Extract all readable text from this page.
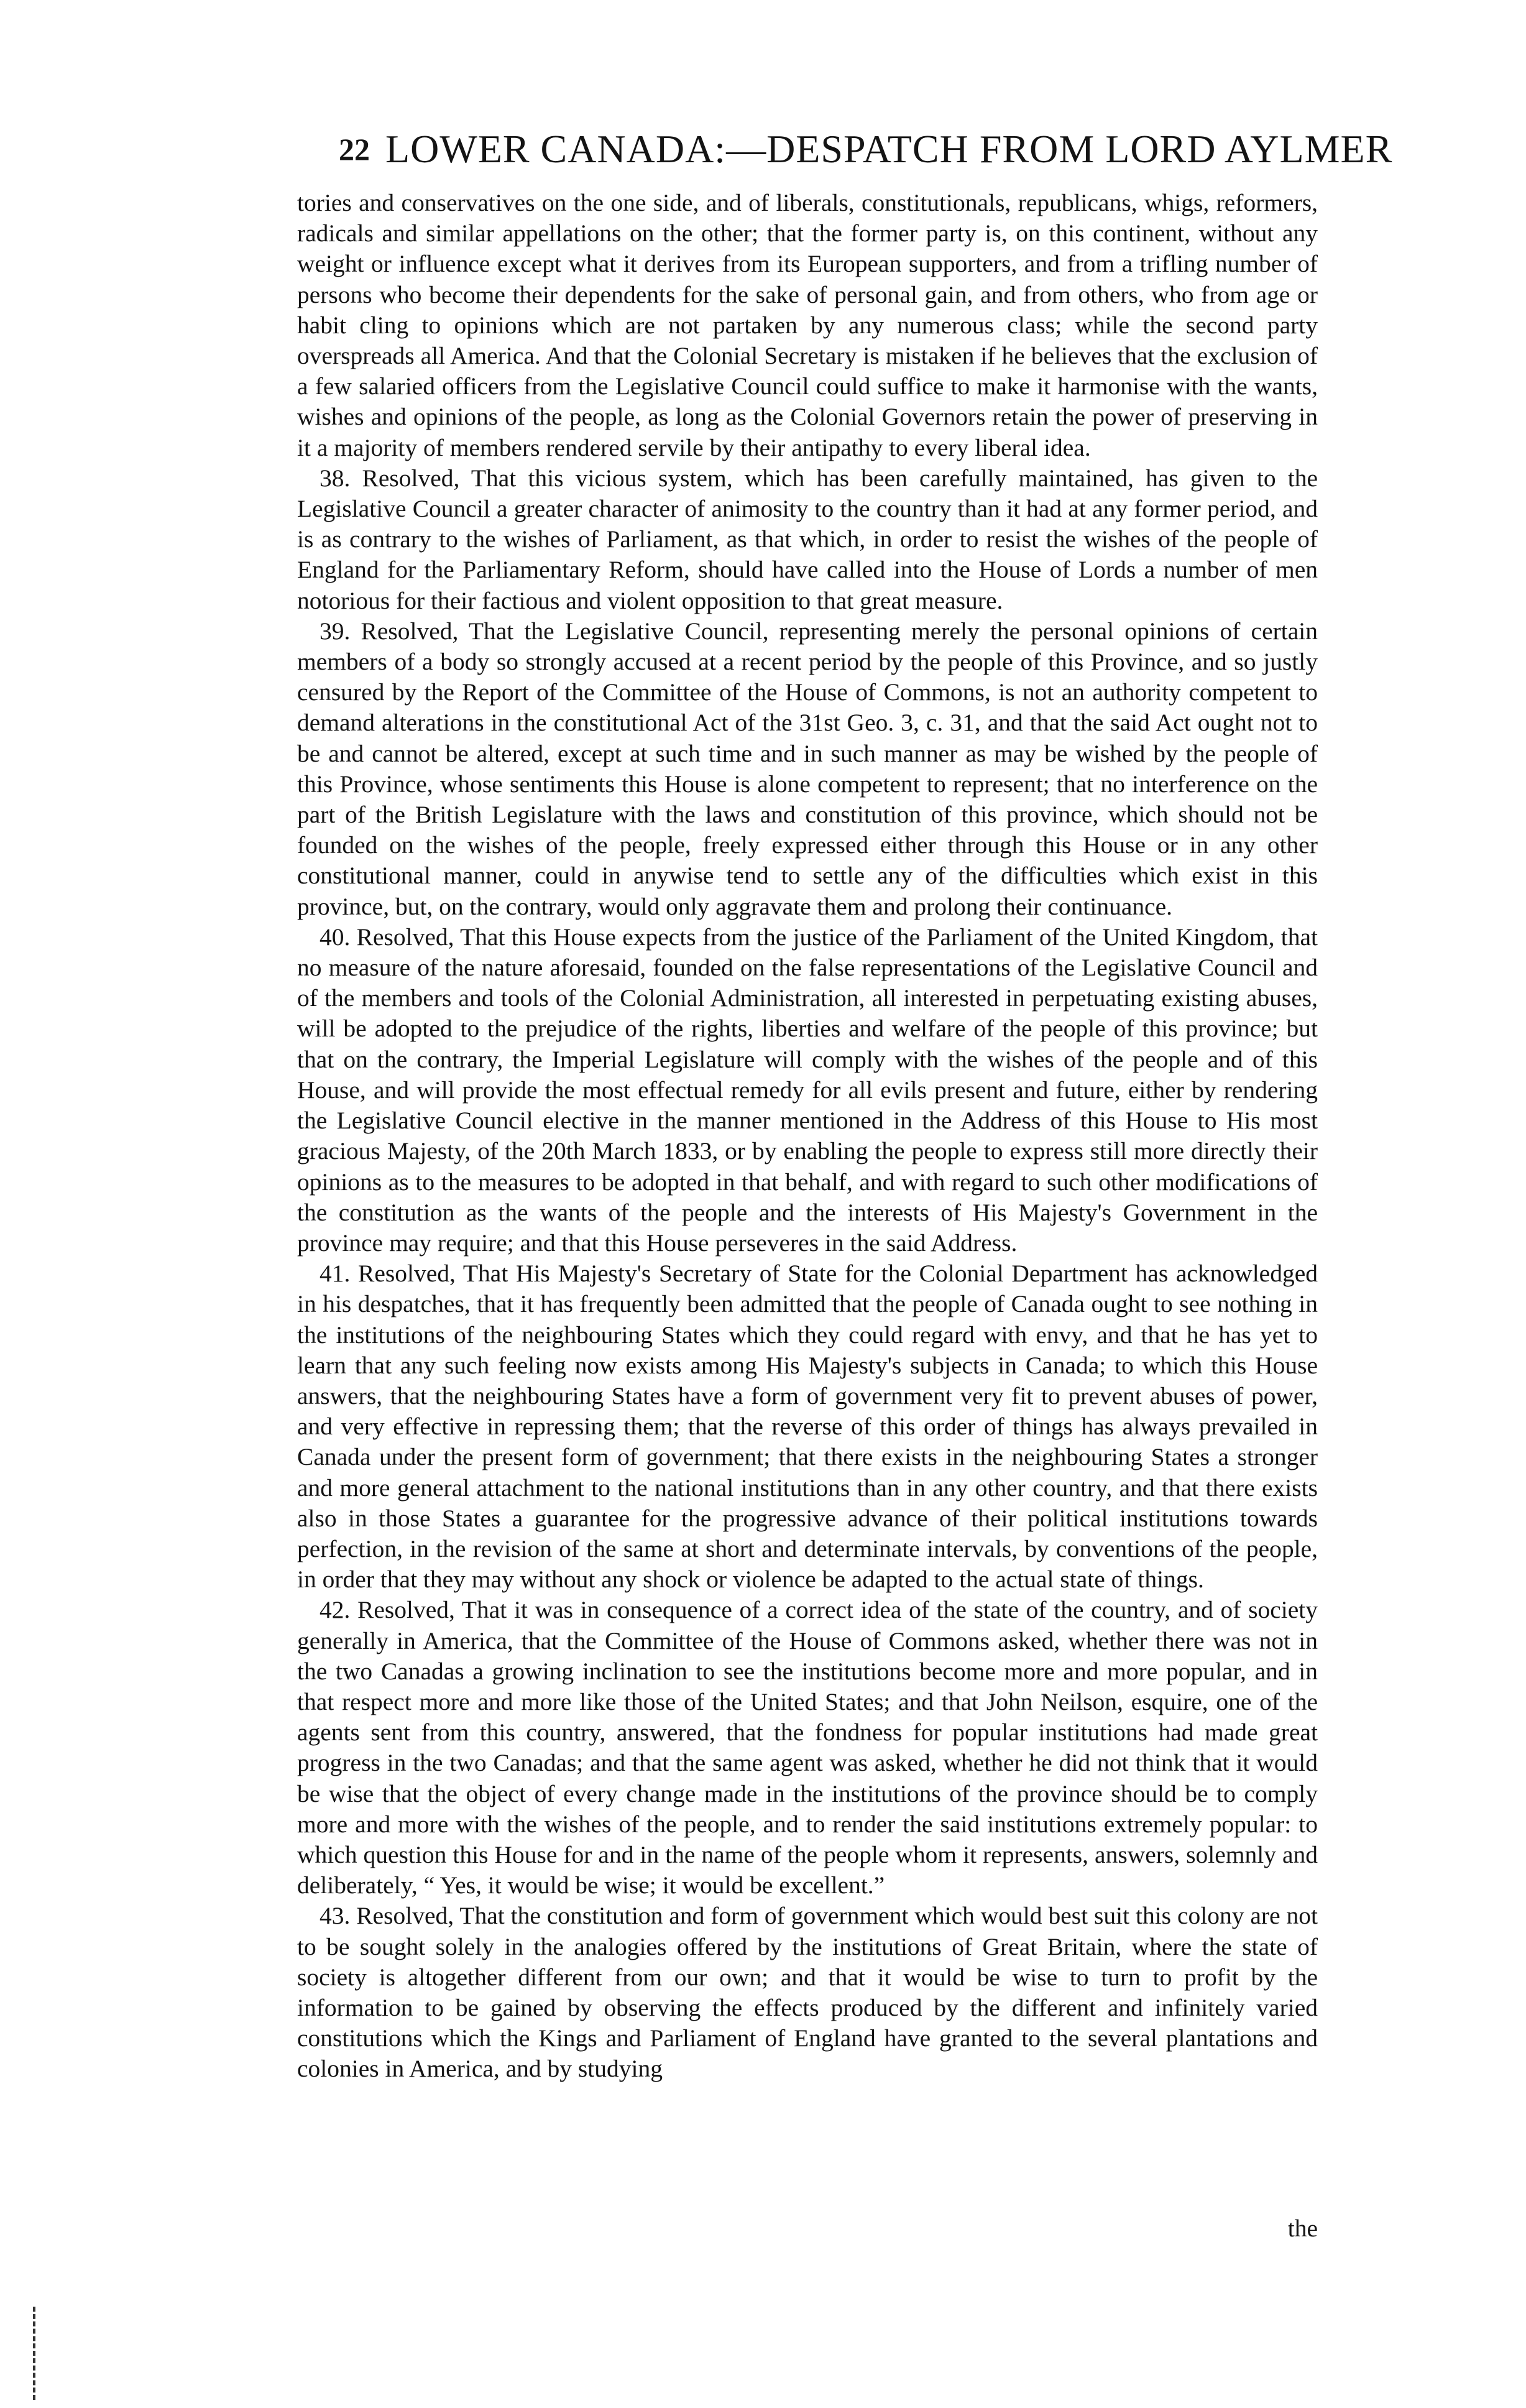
22 LOWER CANADA:—DESPATCH FROM LORD AYLMER

tories and conservatives on the one side, and of liberals, constitutionals, republicans, whigs, reformers, radicals and similar appellations on the other; that the former party is, on this continent, without any weight or influence except what it derives from its European supporters, and from a trifling number of persons who become their dependents for the sake of personal gain, and from others, who from age or habit cling to opinions which are not partaken by any numerous class; while the second party overspreads all America. And that the Colonial Secretary is mistaken if he believes that the exclusion of a few salaried officers from the Legislative Council could suffice to make it harmonise with the wants, wishes and opinions of the people, as long as the Colonial Governors retain the power of preserving in it a majority of members rendered servile by their antipathy to every liberal idea.

38. Resolved, That this vicious system, which has been carefully maintained, has given to the Legislative Council a greater character of animosity to the country than it had at any former period, and is as contrary to the wishes of Parliament, as that which, in order to resist the wishes of the people of England for the Parliamentary Reform, should have called into the House of Lords a number of men notorious for their factious and violent opposition to that great measure.

39. Resolved, That the Legislative Council, representing merely the personal opinions of certain members of a body so strongly accused at a recent period by the people of this Province, and so justly censured by the Report of the Committee of the House of Commons, is not an authority competent to demand alterations in the constitutional Act of the 31st Geo. 3, c. 31, and that the said Act ought not to be and cannot be altered, except at such time and in such manner as may be wished by the people of this Province, whose sentiments this House is alone competent to represent; that no interference on the part of the British Legislature with the laws and constitution of this province, which should not be founded on the wishes of the people, freely expressed either through this House or in any other constitutional manner, could in anywise tend to settle any of the difficulties which exist in this province, but, on the contrary, would only aggravate them and prolong their continuance.

40. Resolved, That this House expects from the justice of the Parliament of the United Kingdom, that no measure of the nature aforesaid, founded on the false representations of the Legislative Council and of the members and tools of the Colonial Administration, all interested in perpetuating existing abuses, will be adopted to the prejudice of the rights, liberties and welfare of the people of this province; but that on the contrary, the Imperial Legislature will comply with the wishes of the people and of this House, and will provide the most effectual remedy for all evils present and future, either by rendering the Legislative Council elective in the manner mentioned in the Address of this House to His most gracious Majesty, of the 20th March 1833, or by enabling the people to express still more directly their opinions as to the measures to be adopted in that behalf, and with regard to such other modifications of the constitution as the wants of the people and the interests of His Majesty's Government in the province may require; and that this House perseveres in the said Address.

41. Resolved, That His Majesty's Secretary of State for the Colonial Department has acknowledged in his despatches, that it has frequently been admitted that the people of Canada ought to see nothing in the institutions of the neighbouring States which they could regard with envy, and that he has yet to learn that any such feeling now exists among His Majesty's subjects in Canada; to which this House answers, that the neighbouring States have a form of government very fit to prevent abuses of power, and very effective in repressing them; that the reverse of this order of things has always prevailed in Canada under the present form of government; that there exists in the neighbouring States a stronger and more general attachment to the national institutions than in any other country, and that there exists also in those States a guarantee for the progressive advance of their political institutions towards perfection, in the revision of the same at short and determinate intervals, by conventions of the people, in order that they may without any shock or violence be adapted to the actual state of things.

42. Resolved, That it was in consequence of a correct idea of the state of the country, and of society generally in America, that the Committee of the House of Commons asked, whether there was not in the two Canadas a growing inclination to see the institutions become more and more popular, and in that respect more and more like those of the United States; and that John Neilson, esquire, one of the agents sent from this country, answered, that the fondness for popular institutions had made great progress in the two Canadas; and that the same agent was asked, whether he did not think that it would be wise that the object of every change made in the institutions of the province should be to comply more and more with the wishes of the people, and to render the said institutions extremely popular: to which question this House for and in the name of the people whom it represents, answers, solemnly and deliberately, “ Yes, it would be wise; it would be excellent.”

43. Resolved, That the constitution and form of government which would best suit this colony are not to be sought solely in the analogies offered by the institutions of Great Britain, where the state of society is altogether different from our own; and that it would be wise to turn to profit by the information to be gained by observing the effects produced by the different and infinitely varied constitutions which the Kings and Parliament of England have granted to the several plantations and colonies in America, and by studying

the
